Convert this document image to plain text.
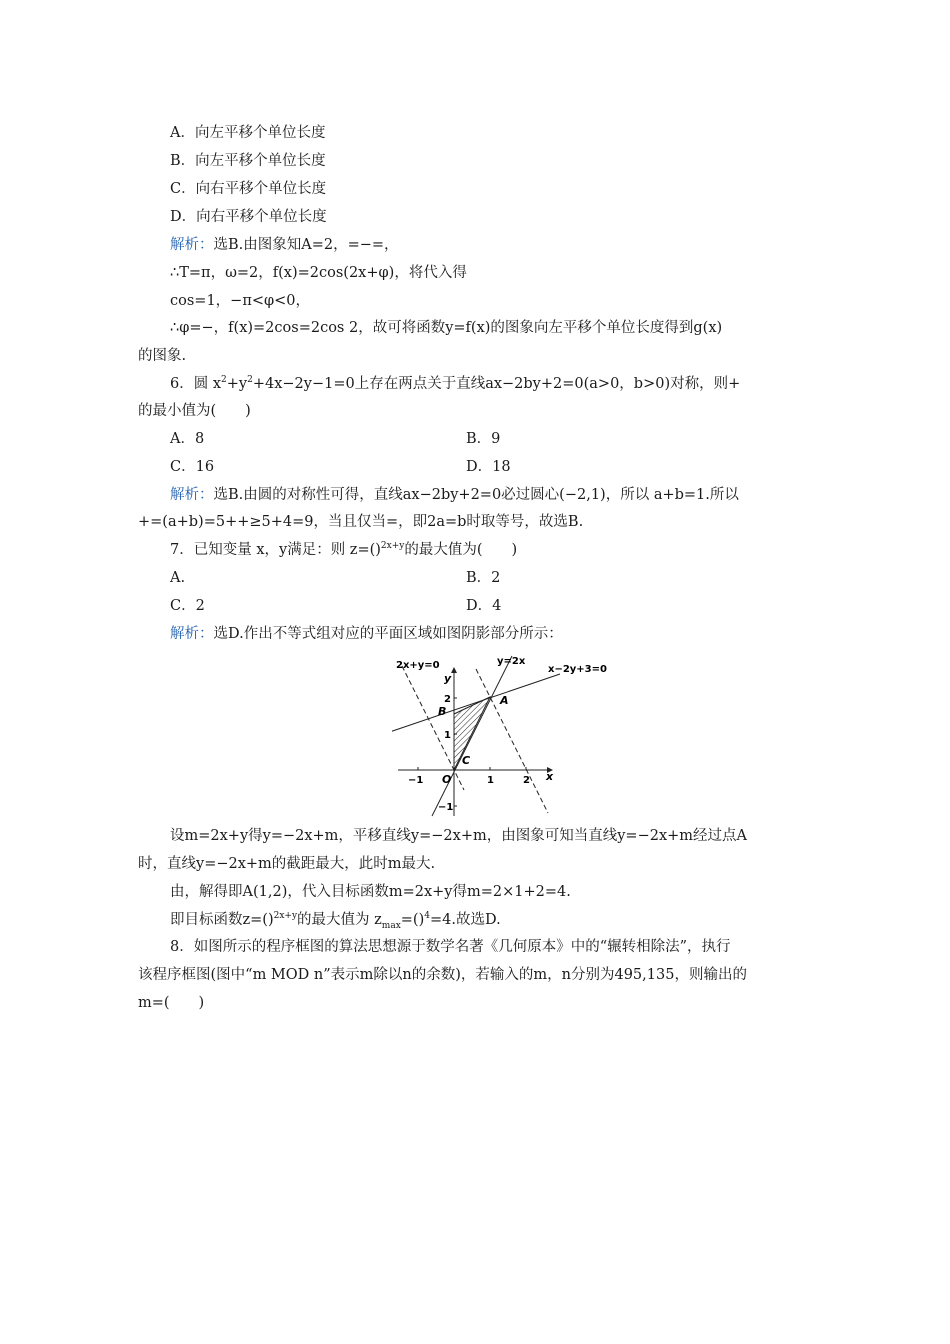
A．向左平移个单位长度
B．向左平移个单位长度
C．向右平移个单位长度
D．向右平移个单位长度
解析：选B.由图象知A=2，=−=，
∴T=π，ω=2，f(x)=2cos(2x+φ)，将代入得
cos=1，−π<φ<0，
∴φ=−，f(x)=2cos=2cos 2，故可将函数y=f(x)的图象向左平移个单位长度得到g(x)
的图象.
6．圆 $x^2+y^2+4x-2y-1=0$上存在两点关于直线ax−2by+2=0(a>0，b>0)对称，则+
的最小值为(　　)
A．8	B．9
C．16	D．18
解析：选B.由圆的对称性可得，直线ax−2by+2=0必过圆心(−2,1)，所以 a+b=1.所以
+=(a+b)=5++≥5+4=9，当且仅当=，即2a=b时取等号，故选B.
7．已知变量 x，y满足：则 z=()$^{2x+y}$的最大值为(　　)
A.	B．2
C．2	D．4
解析：选D.作出不等式组对应的平面区域如图阴影部分所示：
2x+y=0	y=2x
x−2y+3=0
y
x
O
A
B
C
2
1
−1
−1	1	2
设m=2x+y得y=−2x+m，平移直线y=−2x+m，由图象可知当直线y=−2x+m经过点A
时，直线y=−2x+m的截距最大，此时m最大.
由，解得即A(1,2)，代入目标函数m=2x+y得m=2×1+2=4.
即目标函数z=()$^{2x+y}$的最大值为 $z_{max}=()^4=4$.故选D.
8．如图所示的程序框图的算法思想源于数学名著《几何原本》中的“辗转相除法”，执行
该程序框图(图中“m MOD n”表示m除以n的余数)，若输入的m，n分别为495,135，则输出的
m=(　　)
